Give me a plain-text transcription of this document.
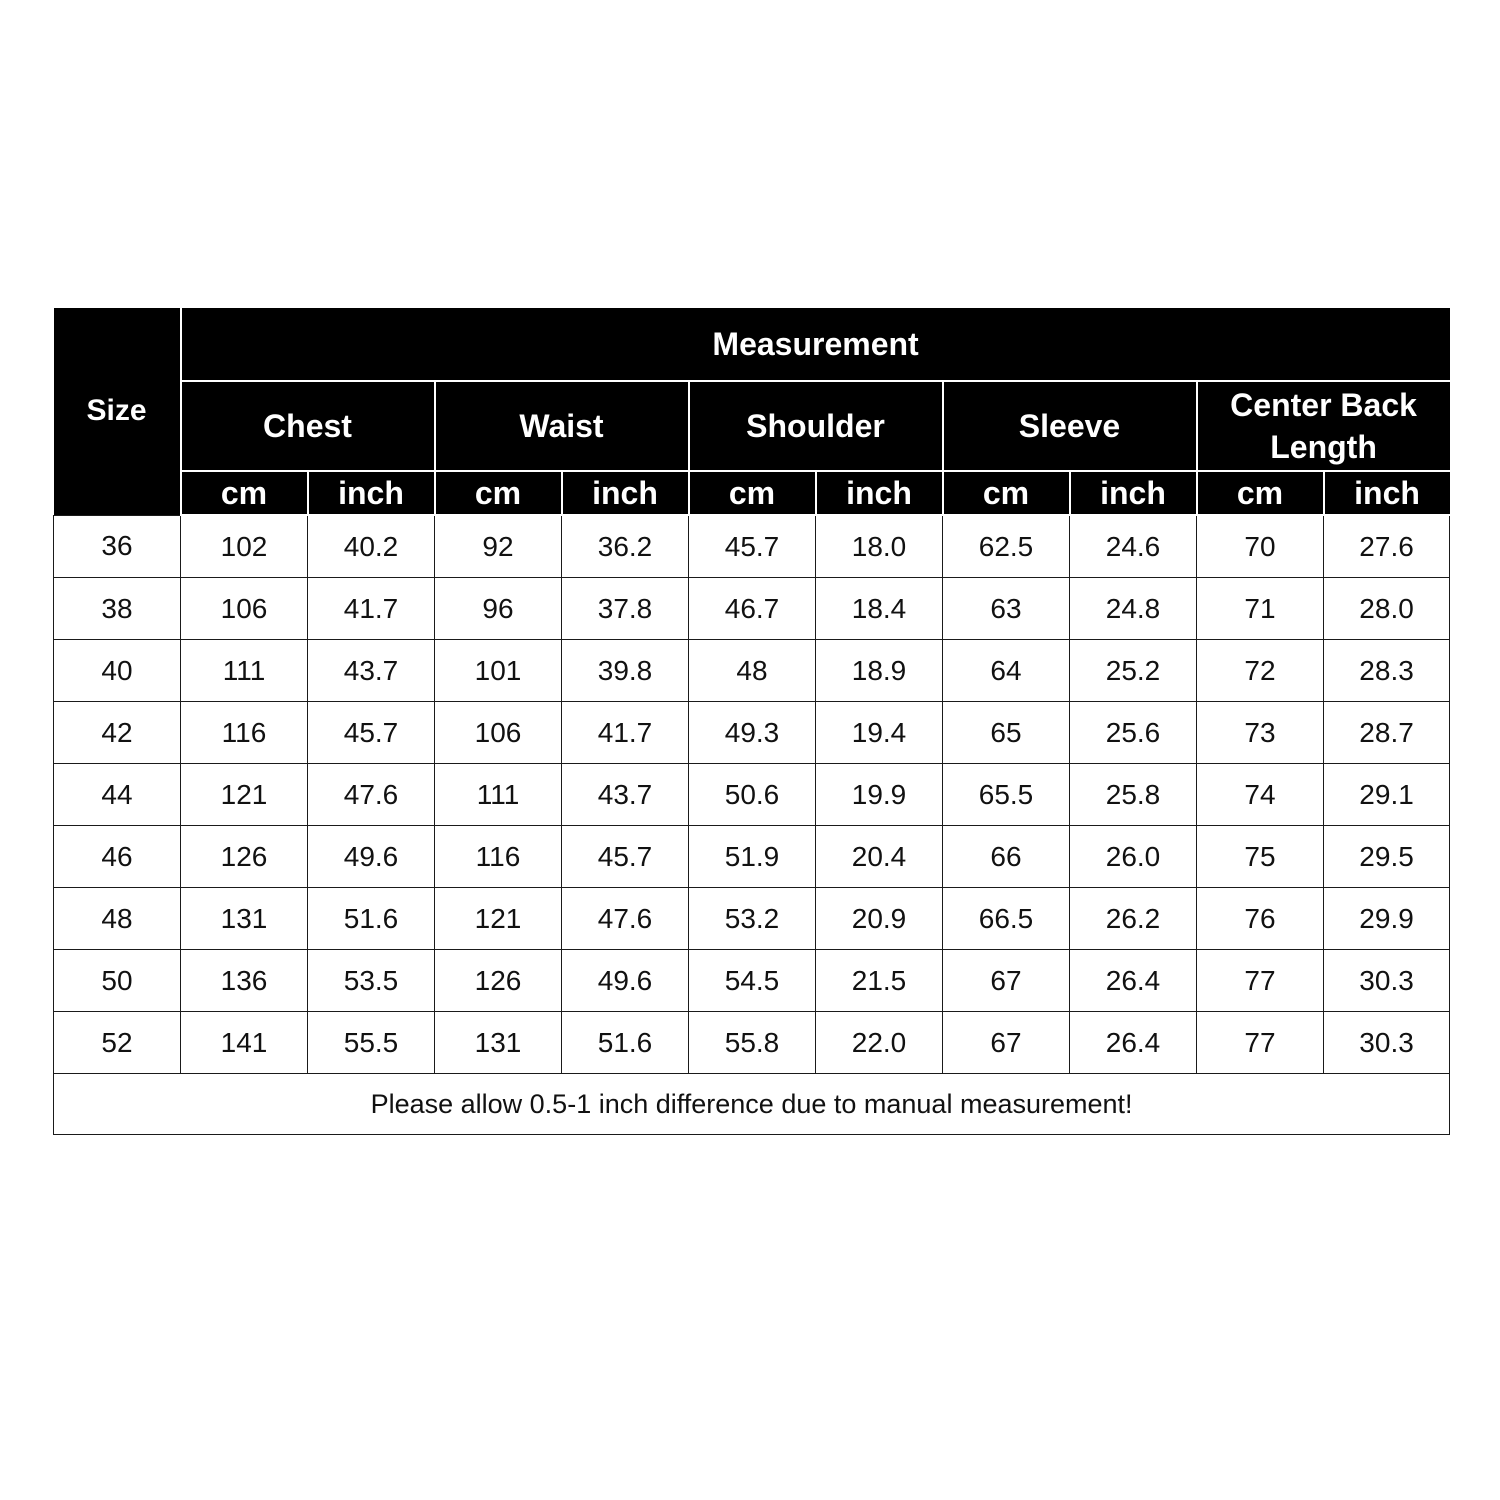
Size	Measurement									
	Chest		Waist		Shoulder		Sleeve		Center Back Length	
	cm	inch	cm	inch	cm	inch	cm	inch	cm	inch
36	102	40.2	92	36.2	45.7	18.0	62.5	24.6	70	27.6
38	106	41.7	96	37.8	46.7	18.4	63	24.8	71	28.0
40	111	43.7	101	39.8	48	18.9	64	25.2	72	28.3
42	116	45.7	106	41.7	49.3	19.4	65	25.6	73	28.7
44	121	47.6	111	43.7	50.6	19.9	65.5	25.8	74	29.1
46	126	49.6	116	45.7	51.9	20.4	66	26.0	75	29.5
48	131	51.6	121	47.6	53.2	20.9	66.5	26.2	76	29.9
50	136	53.5	126	49.6	54.5	21.5	67	26.4	77	30.3
52	141	55.5	131	51.6	55.8	22.0	67	26.4	77	30.3
Please allow 0.5-1 inch difference due to manual measurement!										
